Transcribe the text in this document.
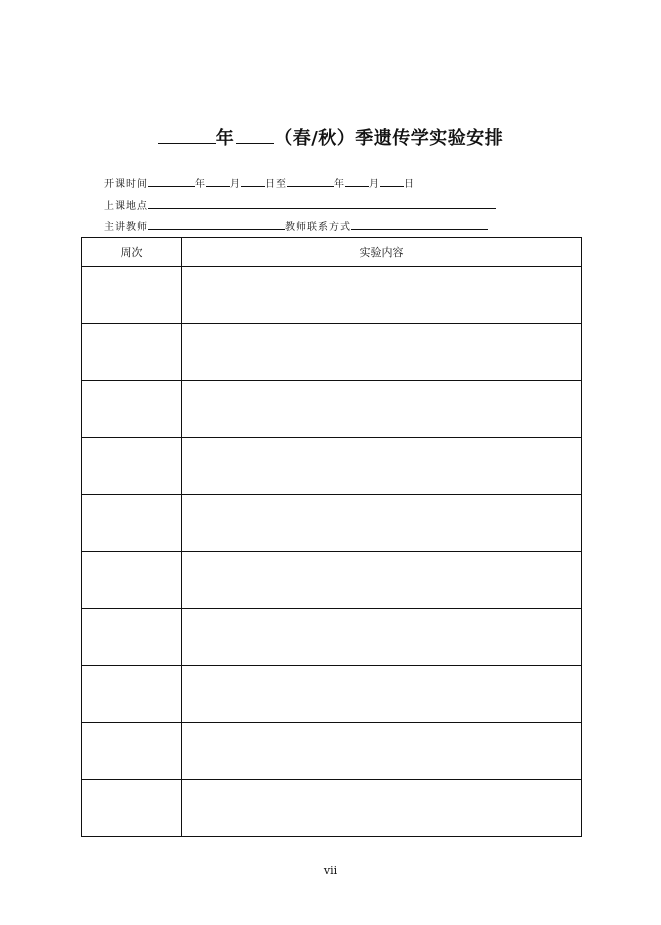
年 （春/秋）季遗传学实验安排
开课时间	年 月 日至	年 月 日
上课地点
主讲教师	教师联系方式
周次	实验内容

vii
